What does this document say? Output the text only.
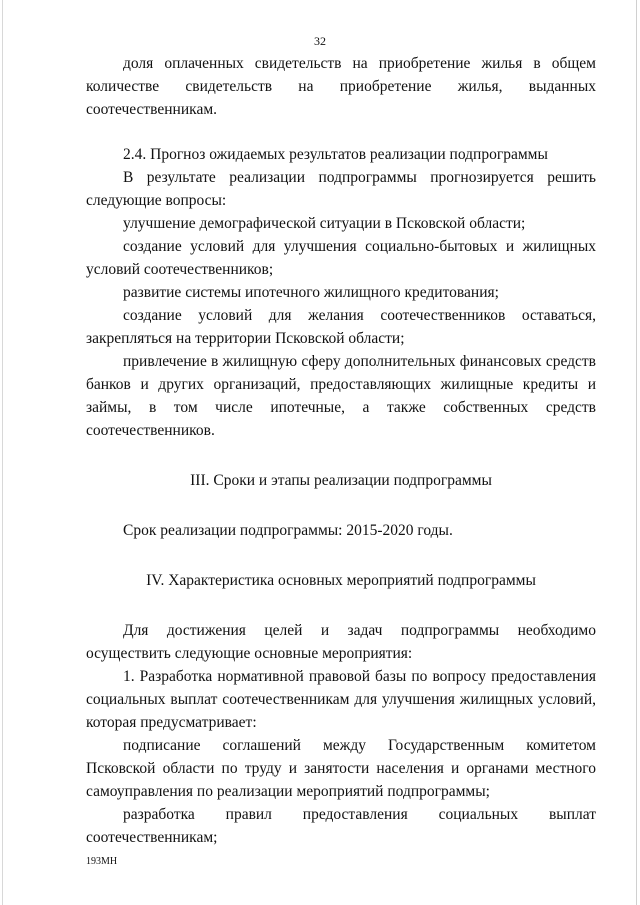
32

доля оплаченных свидетельств на приобретение жилья в общем количестве свидетельств на приобретение жилья, выданных соотечественникам.

2.4. Прогноз ожидаемых результатов реализации подпрограммы

В результате реализации подпрограммы прогнозируется решить следующие вопросы:

улучшение демографической ситуации в Псковской области;

создание условий для улучшения социально-бытовых и жилищных условий соотечественников;

развитие системы ипотечного жилищного кредитования;

создание условий для желания соотечественников оставаться, закрепляться на территории Псковской области;

привлечение в жилищную сферу дополнительных финансовых средств банков и других организаций, предоставляющих жилищные кредиты и займы, в том числе ипотечные, а также собственных средств соотечественников.

III. Сроки и этапы реализации подпрограммы

Срок реализации подпрограммы: 2015-2020 годы.

IV. Характеристика основных мероприятий подпрограммы

Для достижения целей и задач подпрограммы необходимо осуществить следующие основные мероприятия:

1. Разработка нормативной правовой базы по вопросу предоставления социальных выплат соотечественникам для улучшения жилищных условий, которая предусматривает:

подписание соглашений между Государственным комитетом Псковской области по труду и занятости населения и органами местного самоуправления по реализации мероприятий подпрограммы;

разработка правил предоставления социальных выплат соотечественникам;

193МН
